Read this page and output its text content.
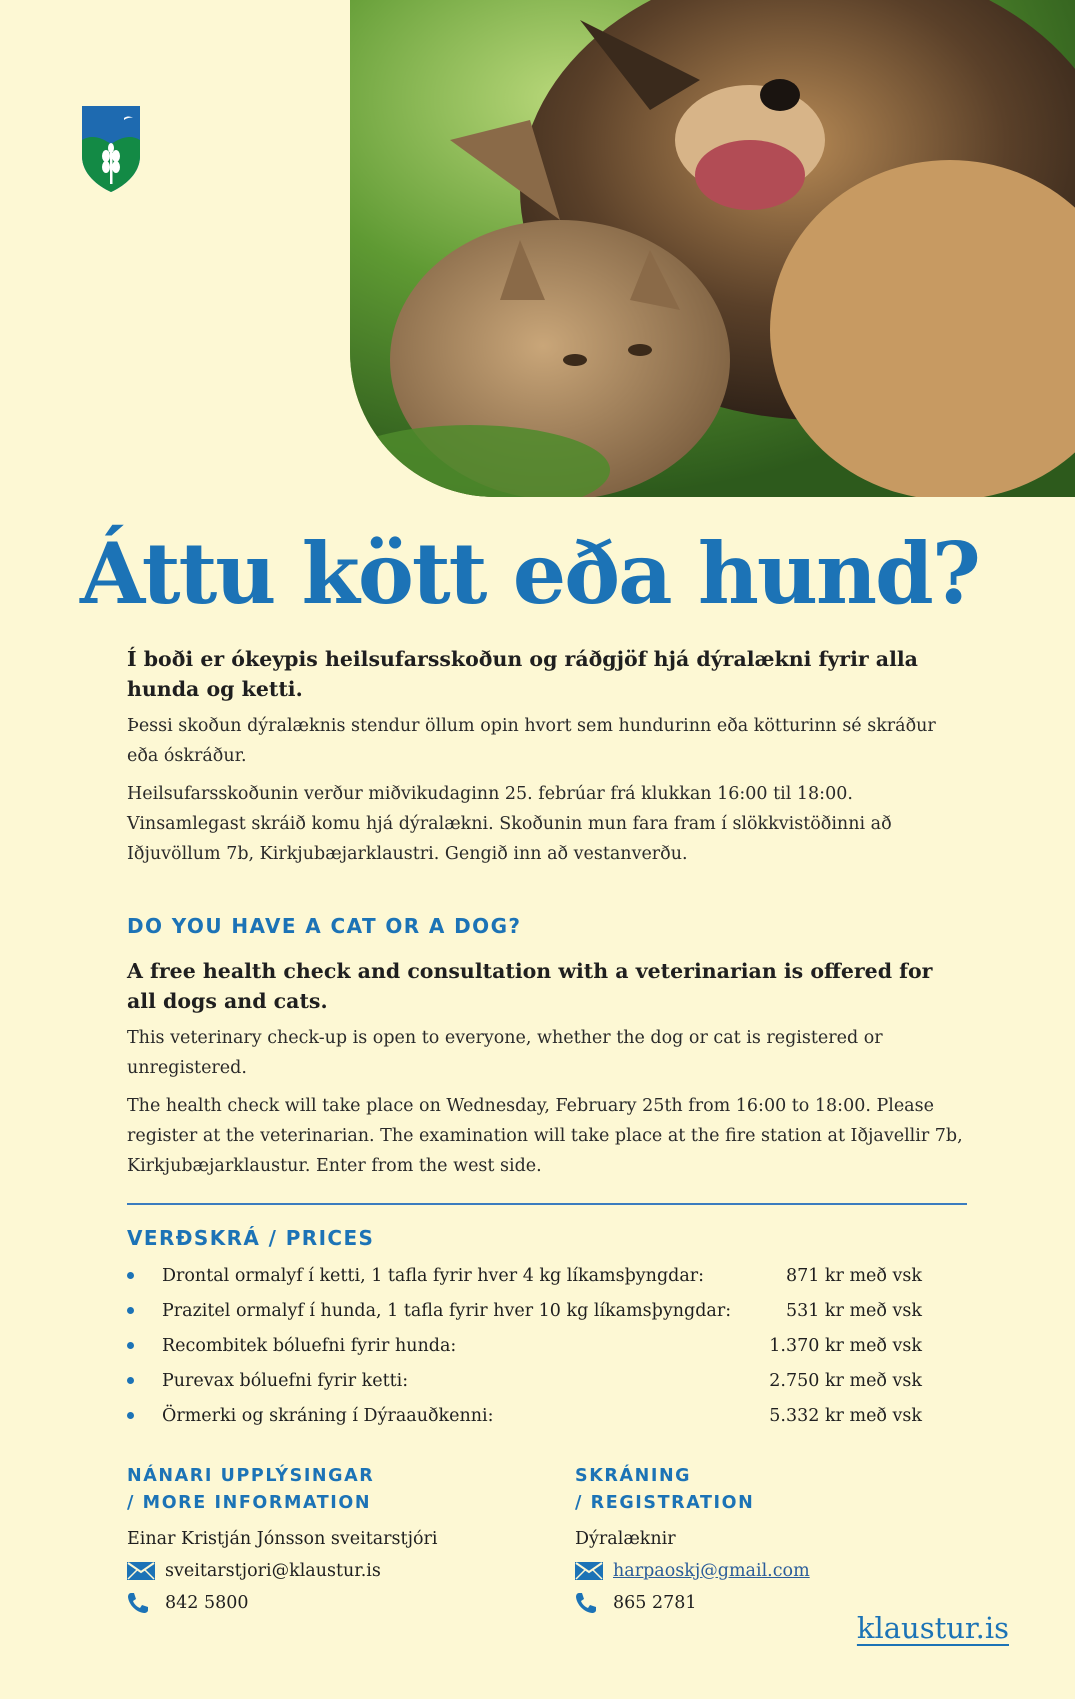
Áttu kött eða hund?

Í boði er ókeypis heilsufarsskoðun og ráðgjöf hjá dýralækni fyrir alla hunda og ketti.

Þessi skoðun dýralæknis stendur öllum opin hvort sem hundurinn eða kötturinn sé skráður eða óskráður.

Heilsufarsskoðunin verður miðvikudaginn 25. febrúar frá klukkan 16:00 til 18:00. Vinsamlegast skráið komu hjá dýralækni. Skoðunin mun fara fram í slökkvistöðinni að Iðjuvöllum 7b, Kirkjubæjarklaustri. Gengið inn að vestanverðu.

DO YOU HAVE A CAT OR A DOG?

A free health check and consultation with a veterinarian is offered for all dogs and cats.

This veterinary check-up is open to everyone, whether the dog or cat is registered or unregistered.

The health check will take place on Wednesday, February 25th from 16:00 to 18:00. Please register at the veterinarian. The examination will take place at the fire station at Iðjavellir 7b, Kirkjubæjarklaustur. Enter from the west side.

VERÐSKRÁ / PRICES
Drontal ormalyf í ketti, 1 tafla fyrir hver 4 kg líkamsþyngdar:	871 kr með vsk
Prazitel ormalyf í hunda, 1 tafla fyrir hver 10 kg líkamsþyngdar:	531 kr með vsk
Recombitek bóluefni fyrir hunda:	1.370 kr með vsk
Purevax bóluefni fyrir ketti:	2.750 kr með vsk
Örmerki og skráning í Dýraauðkenni:	5.332 kr með vsk
NÁNARI UPPLÝSINGAR
/ MORE INFORMATION
Einar Kristján Jónsson sveitarstjóri
sveitarstjori@klaustur.is
842 5800
SKRÁNING
/ REGISTRATION
Dýralæknir
harpaoskj@gmail.com
865 2781
klaustur.is
